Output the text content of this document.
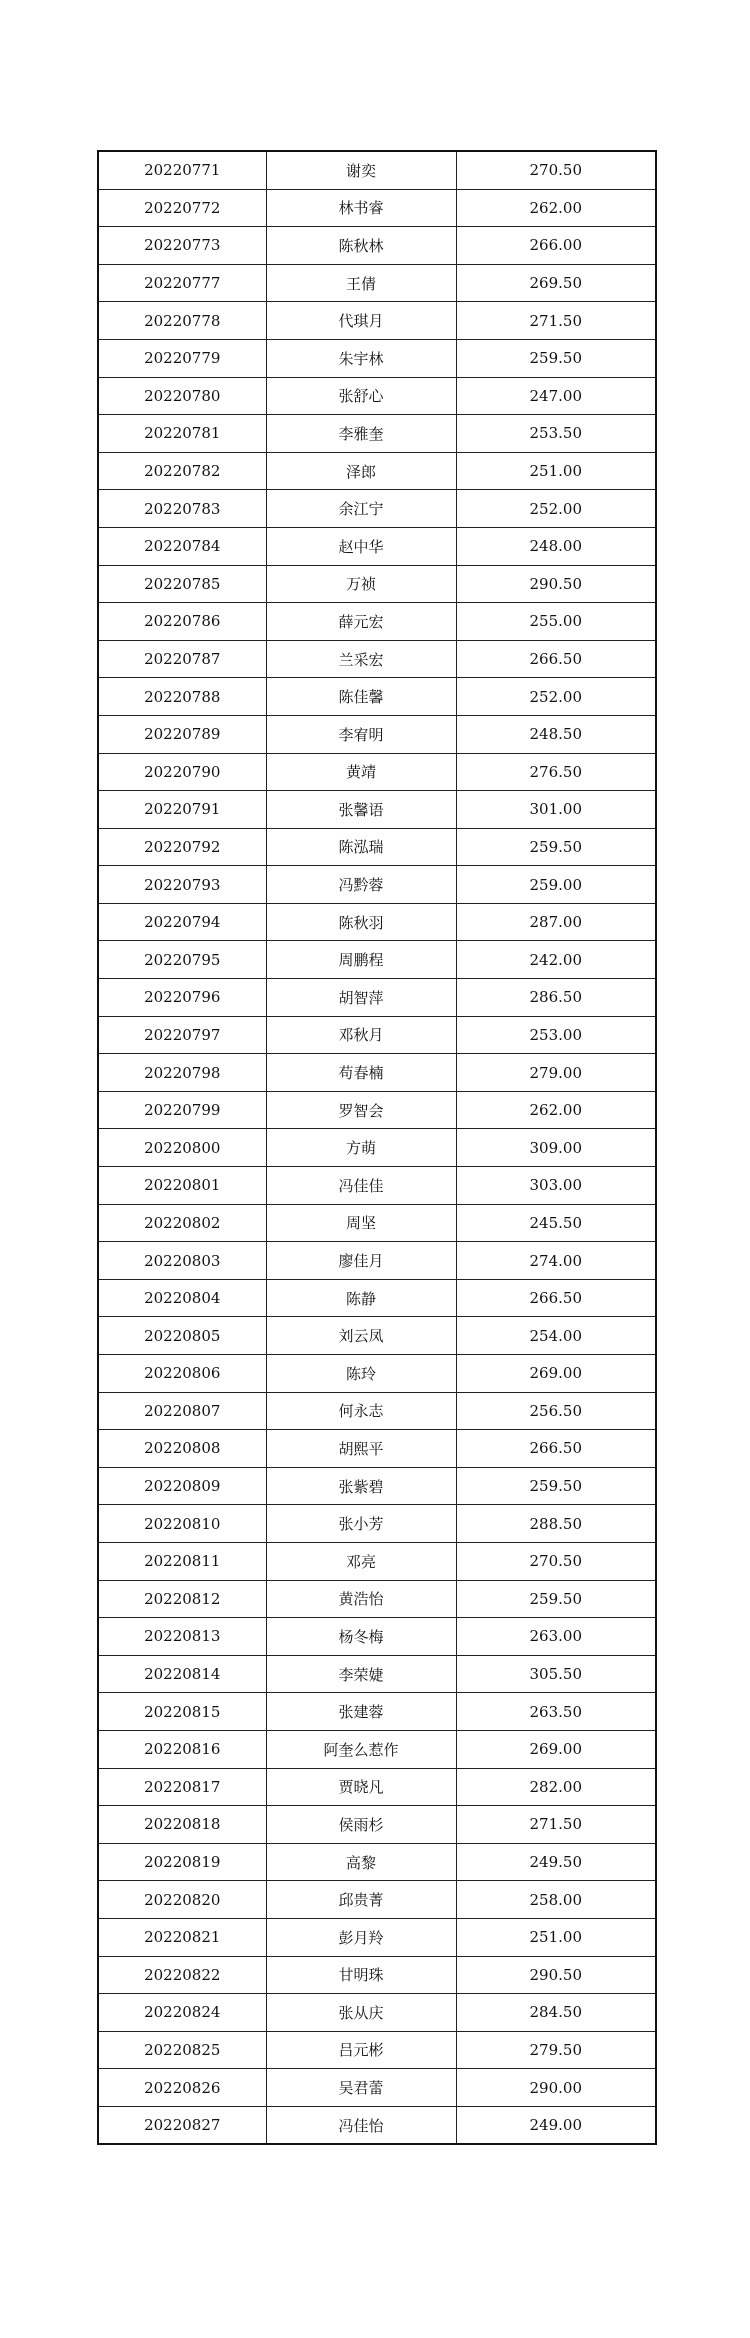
20220771	谢奕	270.50
20220772	林书睿	262.00
20220773	陈秋林	266.00
20220777	王倩	269.50
20220778	代琪月	271.50
20220779	朱宇林	259.50
20220780	张舒心	247.00
20220781	李雅奎	253.50
20220782	泽郎	251.00
20220783	余江宁	252.00
20220784	赵中华	248.00
20220785	万祯	290.50
20220786	薛元宏	255.00
20220787	兰采宏	266.50
20220788	陈佳馨	252.00
20220789	李宥明	248.50
20220790	黄靖	276.50
20220791	张馨语	301.00
20220792	陈泓瑞	259.50
20220793	冯黔蓉	259.00
20220794	陈秋羽	287.00
20220795	周鹏程	242.00
20220796	胡智萍	286.50
20220797	邓秋月	253.00
20220798	苟春楠	279.00
20220799	罗智会	262.00
20220800	方萌	309.00
20220801	冯佳佳	303.00
20220802	周坚	245.50
20220803	廖佳月	274.00
20220804	陈静	266.50
20220805	刘云凤	254.00
20220806	陈玲	269.00
20220807	何永志	256.50
20220808	胡熙平	266.50
20220809	张紫碧	259.50
20220810	张小芳	288.50
20220811	邓亮	270.50
20220812	黄浩怡	259.50
20220813	杨冬梅	263.00
20220814	李荣婕	305.50
20220815	张建蓉	263.50
20220816	阿奎么惹作	269.00
20220817	贾晓凡	282.00
20220818	侯雨杉	271.50
20220819	高黎	249.50
20220820	邱贵菁	258.00
20220821	彭月羚	251.00
20220822	甘明珠	290.50
20220824	张从庆	284.50
20220825	吕元彬	279.50
20220826	吴君蕾	290.00
20220827	冯佳怡	249.00
